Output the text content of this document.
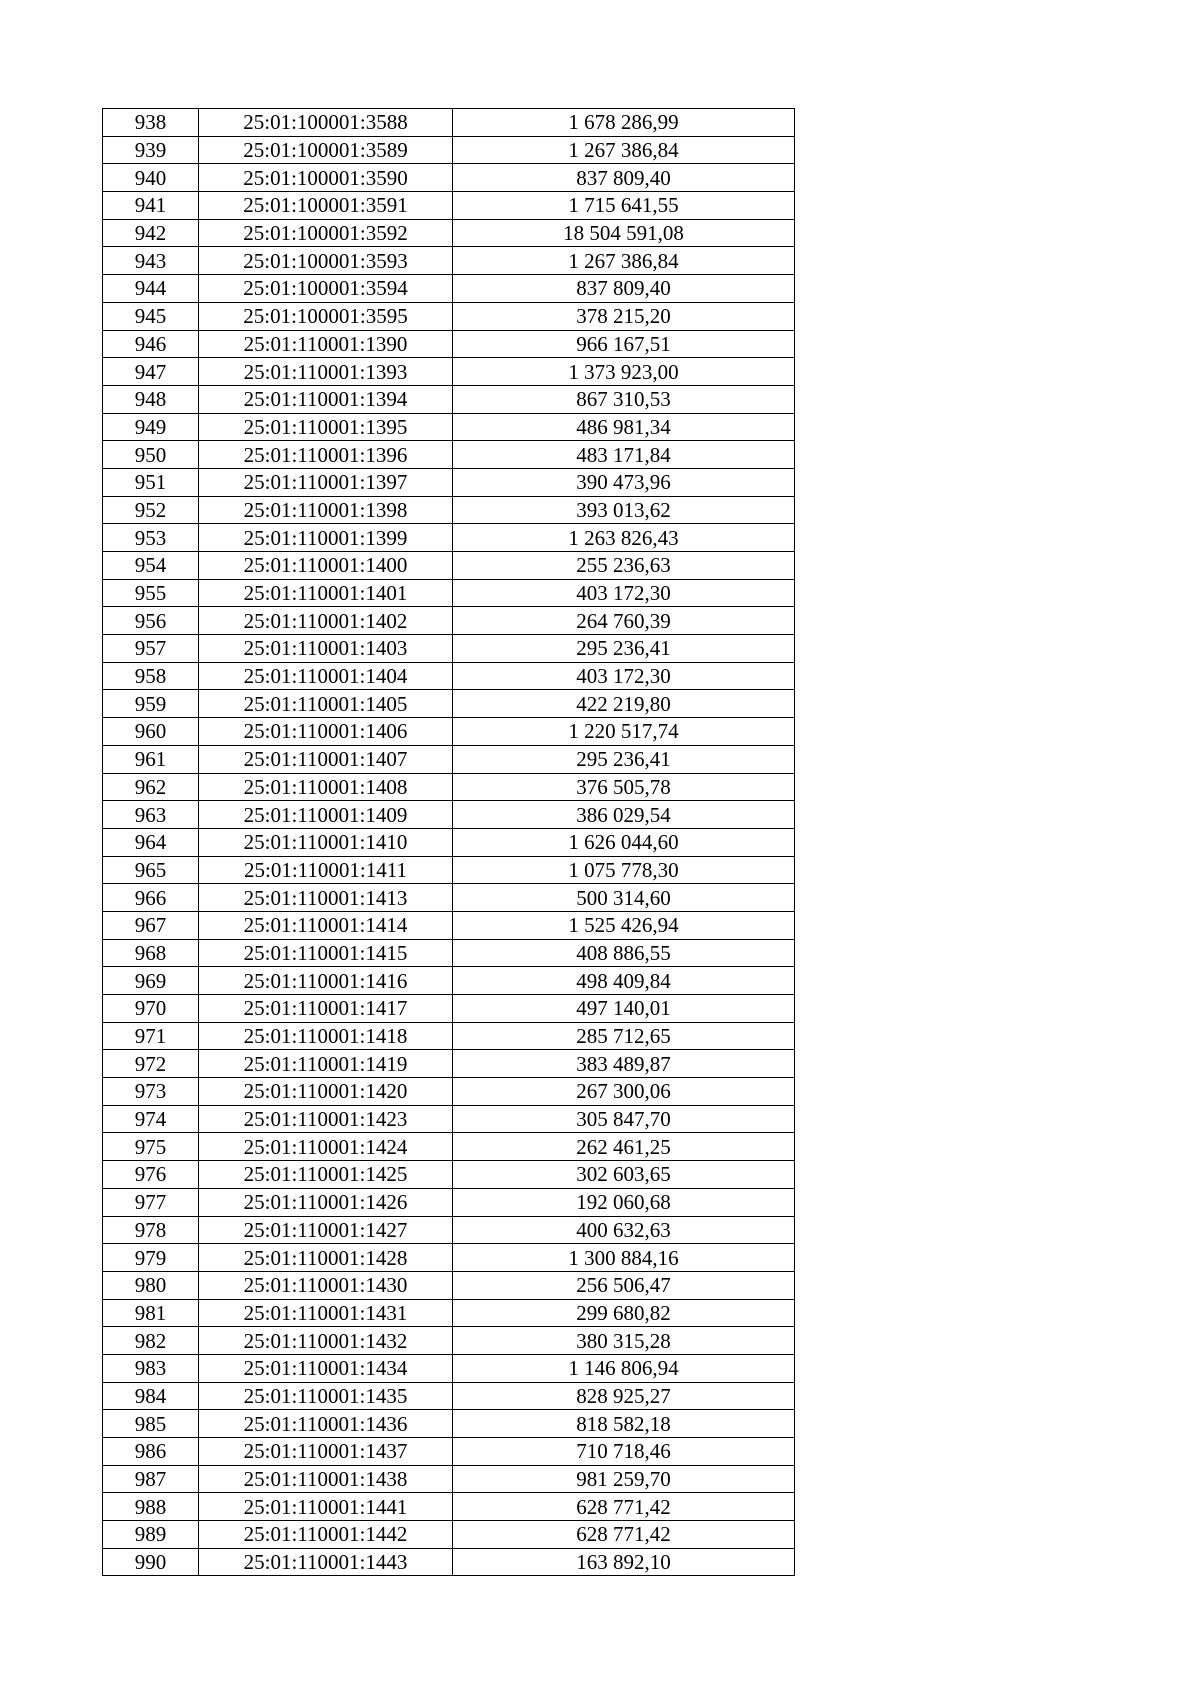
938	25:01:100001:3588	1 678 286,99
939	25:01:100001:3589	1 267 386,84
940	25:01:100001:3590	837 809,40
941	25:01:100001:3591	1 715 641,55
942	25:01:100001:3592	18 504 591,08
943	25:01:100001:3593	1 267 386,84
944	25:01:100001:3594	837 809,40
945	25:01:100001:3595	378 215,20
946	25:01:110001:1390	966 167,51
947	25:01:110001:1393	1 373 923,00
948	25:01:110001:1394	867 310,53
949	25:01:110001:1395	486 981,34
950	25:01:110001:1396	483 171,84
951	25:01:110001:1397	390 473,96
952	25:01:110001:1398	393 013,62
953	25:01:110001:1399	1 263 826,43
954	25:01:110001:1400	255 236,63
955	25:01:110001:1401	403 172,30
956	25:01:110001:1402	264 760,39
957	25:01:110001:1403	295 236,41
958	25:01:110001:1404	403 172,30
959	25:01:110001:1405	422 219,80
960	25:01:110001:1406	1 220 517,74
961	25:01:110001:1407	295 236,41
962	25:01:110001:1408	376 505,78
963	25:01:110001:1409	386 029,54
964	25:01:110001:1410	1 626 044,60
965	25:01:110001:1411	1 075 778,30
966	25:01:110001:1413	500 314,60
967	25:01:110001:1414	1 525 426,94
968	25:01:110001:1415	408 886,55
969	25:01:110001:1416	498 409,84
970	25:01:110001:1417	497 140,01
971	25:01:110001:1418	285 712,65
972	25:01:110001:1419	383 489,87
973	25:01:110001:1420	267 300,06
974	25:01:110001:1423	305 847,70
975	25:01:110001:1424	262 461,25
976	25:01:110001:1425	302 603,65
977	25:01:110001:1426	192 060,68
978	25:01:110001:1427	400 632,63
979	25:01:110001:1428	1 300 884,16
980	25:01:110001:1430	256 506,47
981	25:01:110001:1431	299 680,82
982	25:01:110001:1432	380 315,28
983	25:01:110001:1434	1 146 806,94
984	25:01:110001:1435	828 925,27
985	25:01:110001:1436	818 582,18
986	25:01:110001:1437	710 718,46
987	25:01:110001:1438	981 259,70
988	25:01:110001:1441	628 771,42
989	25:01:110001:1442	628 771,42
990	25:01:110001:1443	163 892,10
